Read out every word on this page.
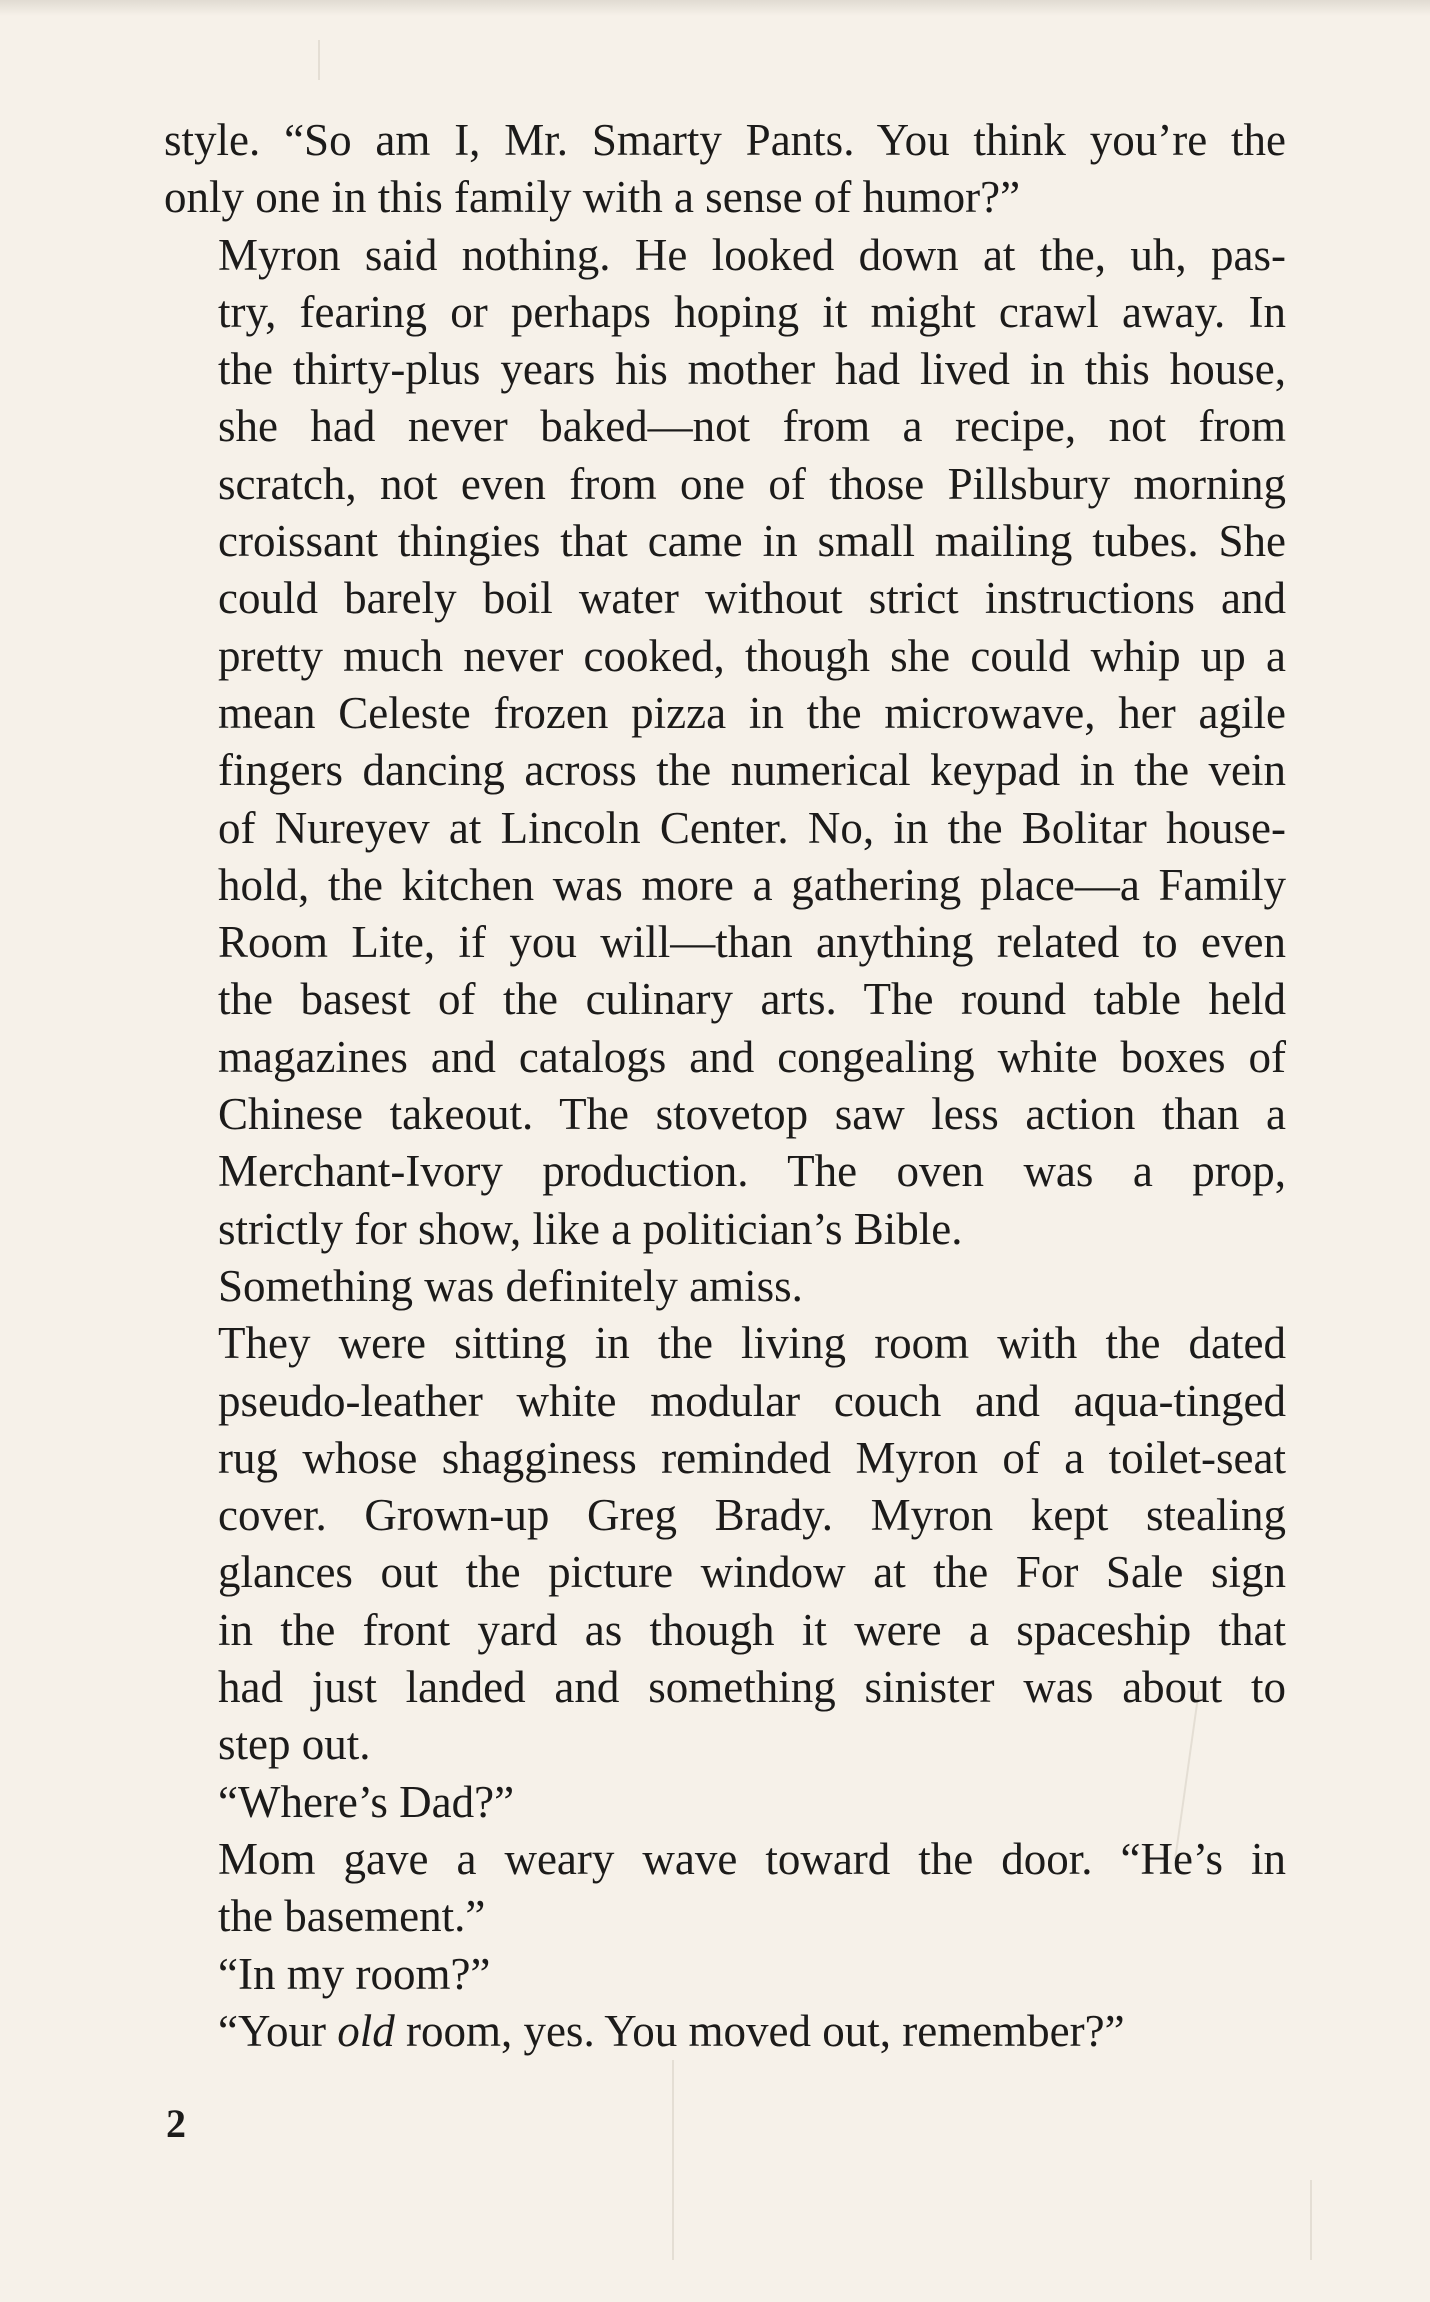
style. “So am I, Mr. Smarty Pants. You think you’re the
only one in this family with a sense of humor?”

Myron said nothing. He looked down at the, uh, pas-
try, fearing or perhaps hoping it might crawl away. In
the thirty-plus years his mother had lived in this house,
she had never baked—not from a recipe, not from
scratch, not even from one of those Pillsbury morning
croissant thingies that came in small mailing tubes. She
could barely boil water without strict instructions and
pretty much never cooked, though she could whip up a
mean Celeste frozen pizza in the microwave, her agile
fingers dancing across the numerical keypad in the vein
of Nureyev at Lincoln Center. No, in the Bolitar house-
hold, the kitchen was more a gathering place—a Family
Room Lite, if you will—than anything related to even
the basest of the culinary arts. The round table held
magazines and catalogs and congealing white boxes of
Chinese takeout. The stovetop saw less action than a
Merchant-Ivory production. The oven was a prop,
strictly for show, like a politician’s Bible.

Something was definitely amiss.

They were sitting in the living room with the dated
pseudo-leather white modular couch and aqua-tinged
rug whose shagginess reminded Myron of a toilet-seat
cover. Grown-up Greg Brady. Myron kept stealing
glances out the picture window at the For Sale sign
in the front yard as though it were a spaceship that
had just landed and something sinister was about to
step out.

“Where’s Dad?”

Mom gave a weary wave toward the door. “He’s in
the basement.”

“In my room?”

“Your old room, yes. You moved out, remember?”

2
